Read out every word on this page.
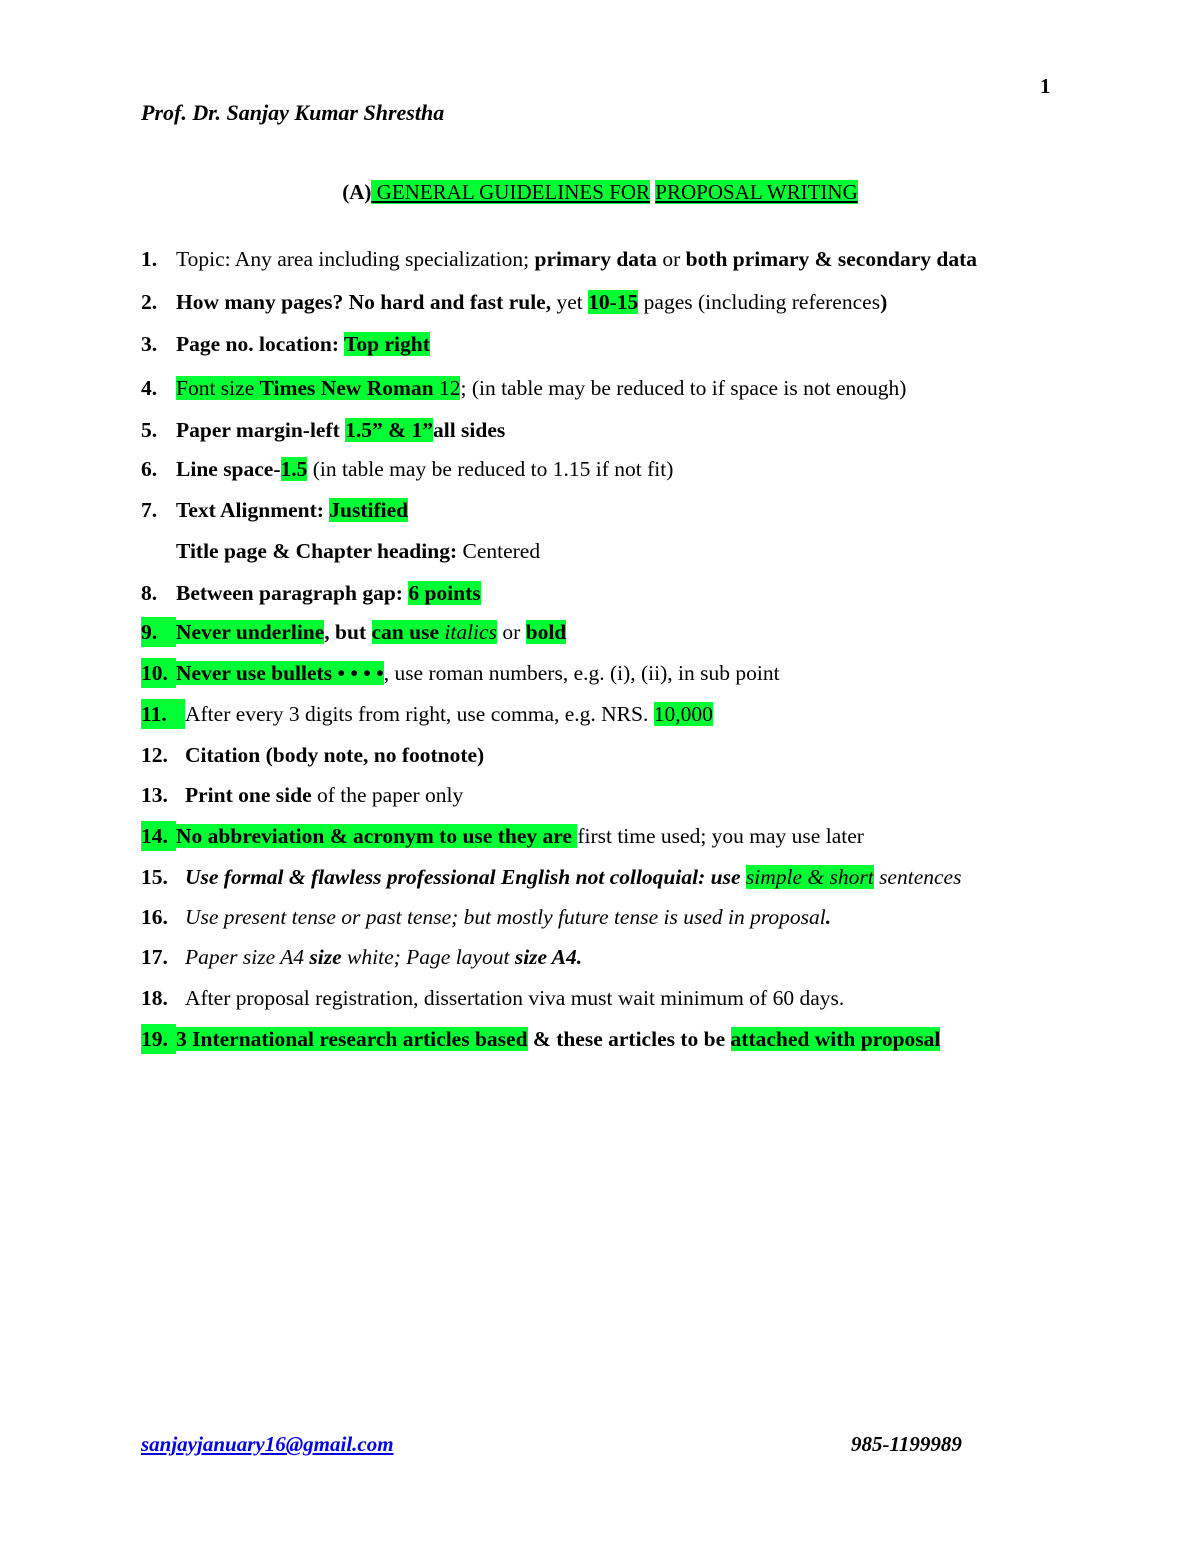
1
Prof. Dr. Sanjay Kumar Shrestha
(A) GENERAL GUIDELINES FOR PROPOSAL WRITING
1. Topic: Any area including specialization; primary data or both primary & secondary data
2. How many pages? No hard and fast rule, yet 10-15 pages (including references)
3. Page no. location: Top right
4. Font size Times New Roman 12; (in table may be reduced to if space is not enough)
5. Paper margin-left 1.5” & 1”all sides
6. Line space-1.5 (in table may be reduced to 1.15 if not fit)
7. Text Alignment: Justified
Title page & Chapter heading: Centered
8. Between paragraph gap: 6 points
9. Never underline, but can use italics or bold
10. Never use bullets • • • •, use roman numbers, e.g. (i), (ii), in sub point
11. After every 3 digits from right, use comma, e.g. NRS. 10,000
12. Citation (body note, no footnote)
13. Print one side of the paper only
14. No abbreviation & acronym to use they are first time used; you may use later
15. Use formal & flawless professional English not colloquial: use simple & short sentences
16. Use present tense or past tense; but mostly future tense is used in proposal.
17. Paper size A4 size white; Page layout size A4.
18. After proposal registration, dissertation viva must wait minimum of 60 days.
19. 3 International research articles based & these articles to be attached with proposal
sanjayjanuary16@gmail.com	985-1199989
